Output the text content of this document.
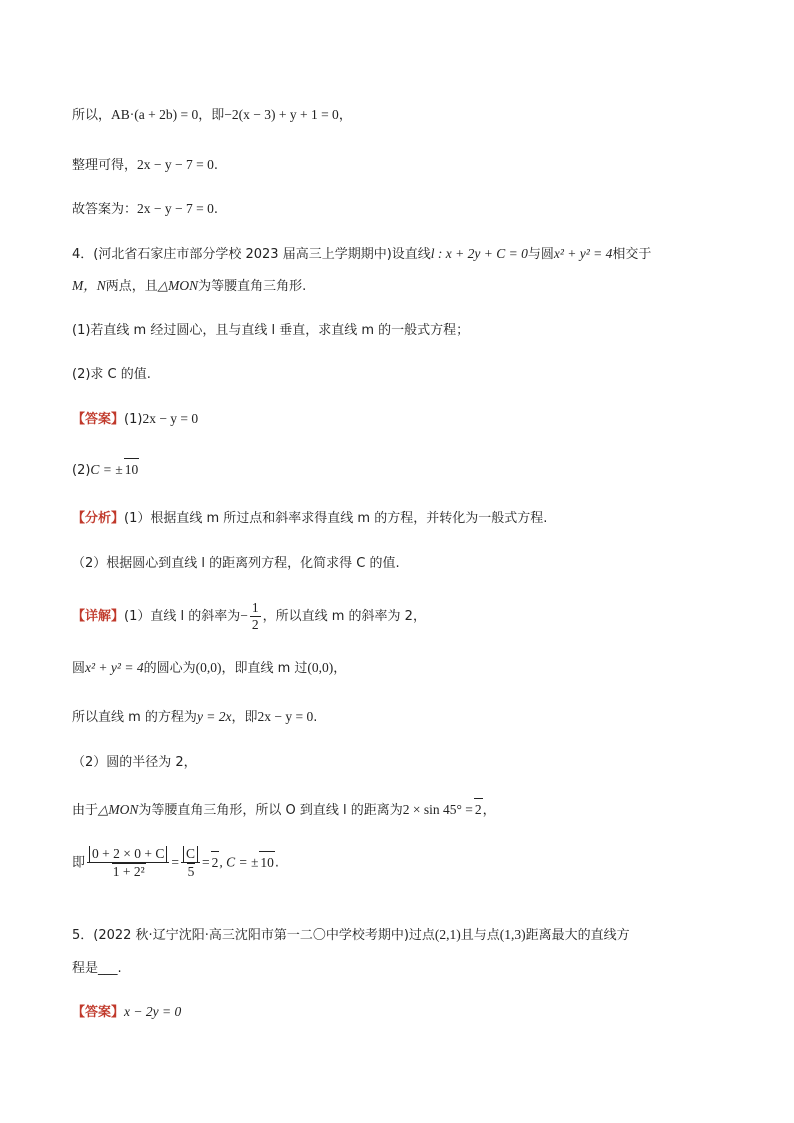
所以，AB·(a + 2b) = 0，即−2(x − 3) + y + 1 = 0，
整理可得，2x − y − 7 = 0.
故答案为：2x − y − 7 = 0.
4．(河北省石家庄市部分学校 2023 届高三上学期期中)设直线l : x + 2y + C = 0与圆x² + y² = 4相交于
M，N两点，且△MON为等腰直角三角形.
(1)若直线 m 经过圆心，且与直线 l 垂直，求直线 m 的一般式方程；
(2)求 C 的值.
【答案】(1)2x − y = 0
(2)C = ± 10
【分析】(1）根据直线 m 所过点和斜率求得直线 m 的方程，并转化为一般式方程.
（2）根据圆心到直线 l 的距离列方程，化简求得 C 的值.
【详解】(1）直线 l 的斜率为− $\frac{1}{2}$ ，所以直线 m 的斜率为 2，
圆x² + y² = 4的圆心为(0,0)，即直线 m 过(0,0)，
所以直线 m 的方程为y = 2x，即2x − y = 0.
（2）圆的半径为 2，
由于△MON为等腰直角三角形，所以 O 到直线 l 的距离为2 × sin 45° = 2，
即 $\frac{0 + 2 \times 0 + C}{\text{1 + 2²}} = \frac{C}{5} = 2$, C = ± 10.
5．(2022 秋·辽宁沈阳·高三沈阳市第一二〇中学校考期中)过点(2,1)且与点(1,3)距离最大的直线方
程是___.
【答案】x − 2y = 0
